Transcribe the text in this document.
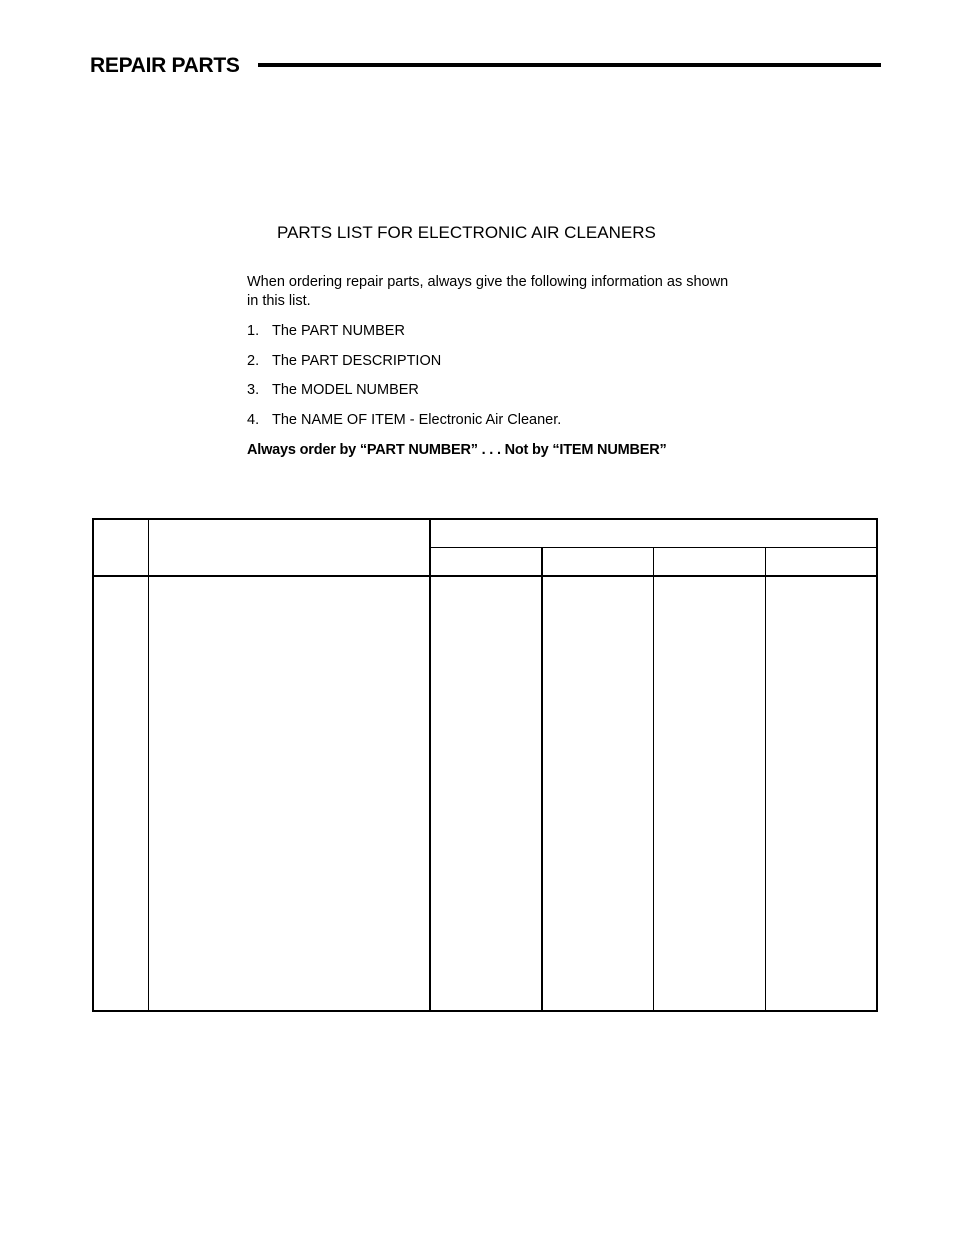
REPAIR PARTS
PARTS LIST FOR ELECTRONIC AIR CLEANERS
When ordering repair parts, always give the following information as shown in this list.
1. The PART NUMBER
2. The PART DESCRIPTION
3. The MODEL NUMBER
4. The NAME OF ITEM - Electronic Air Cleaner.
Always order by “PART NUMBER” . . . Not by “ITEM NUMBER”
